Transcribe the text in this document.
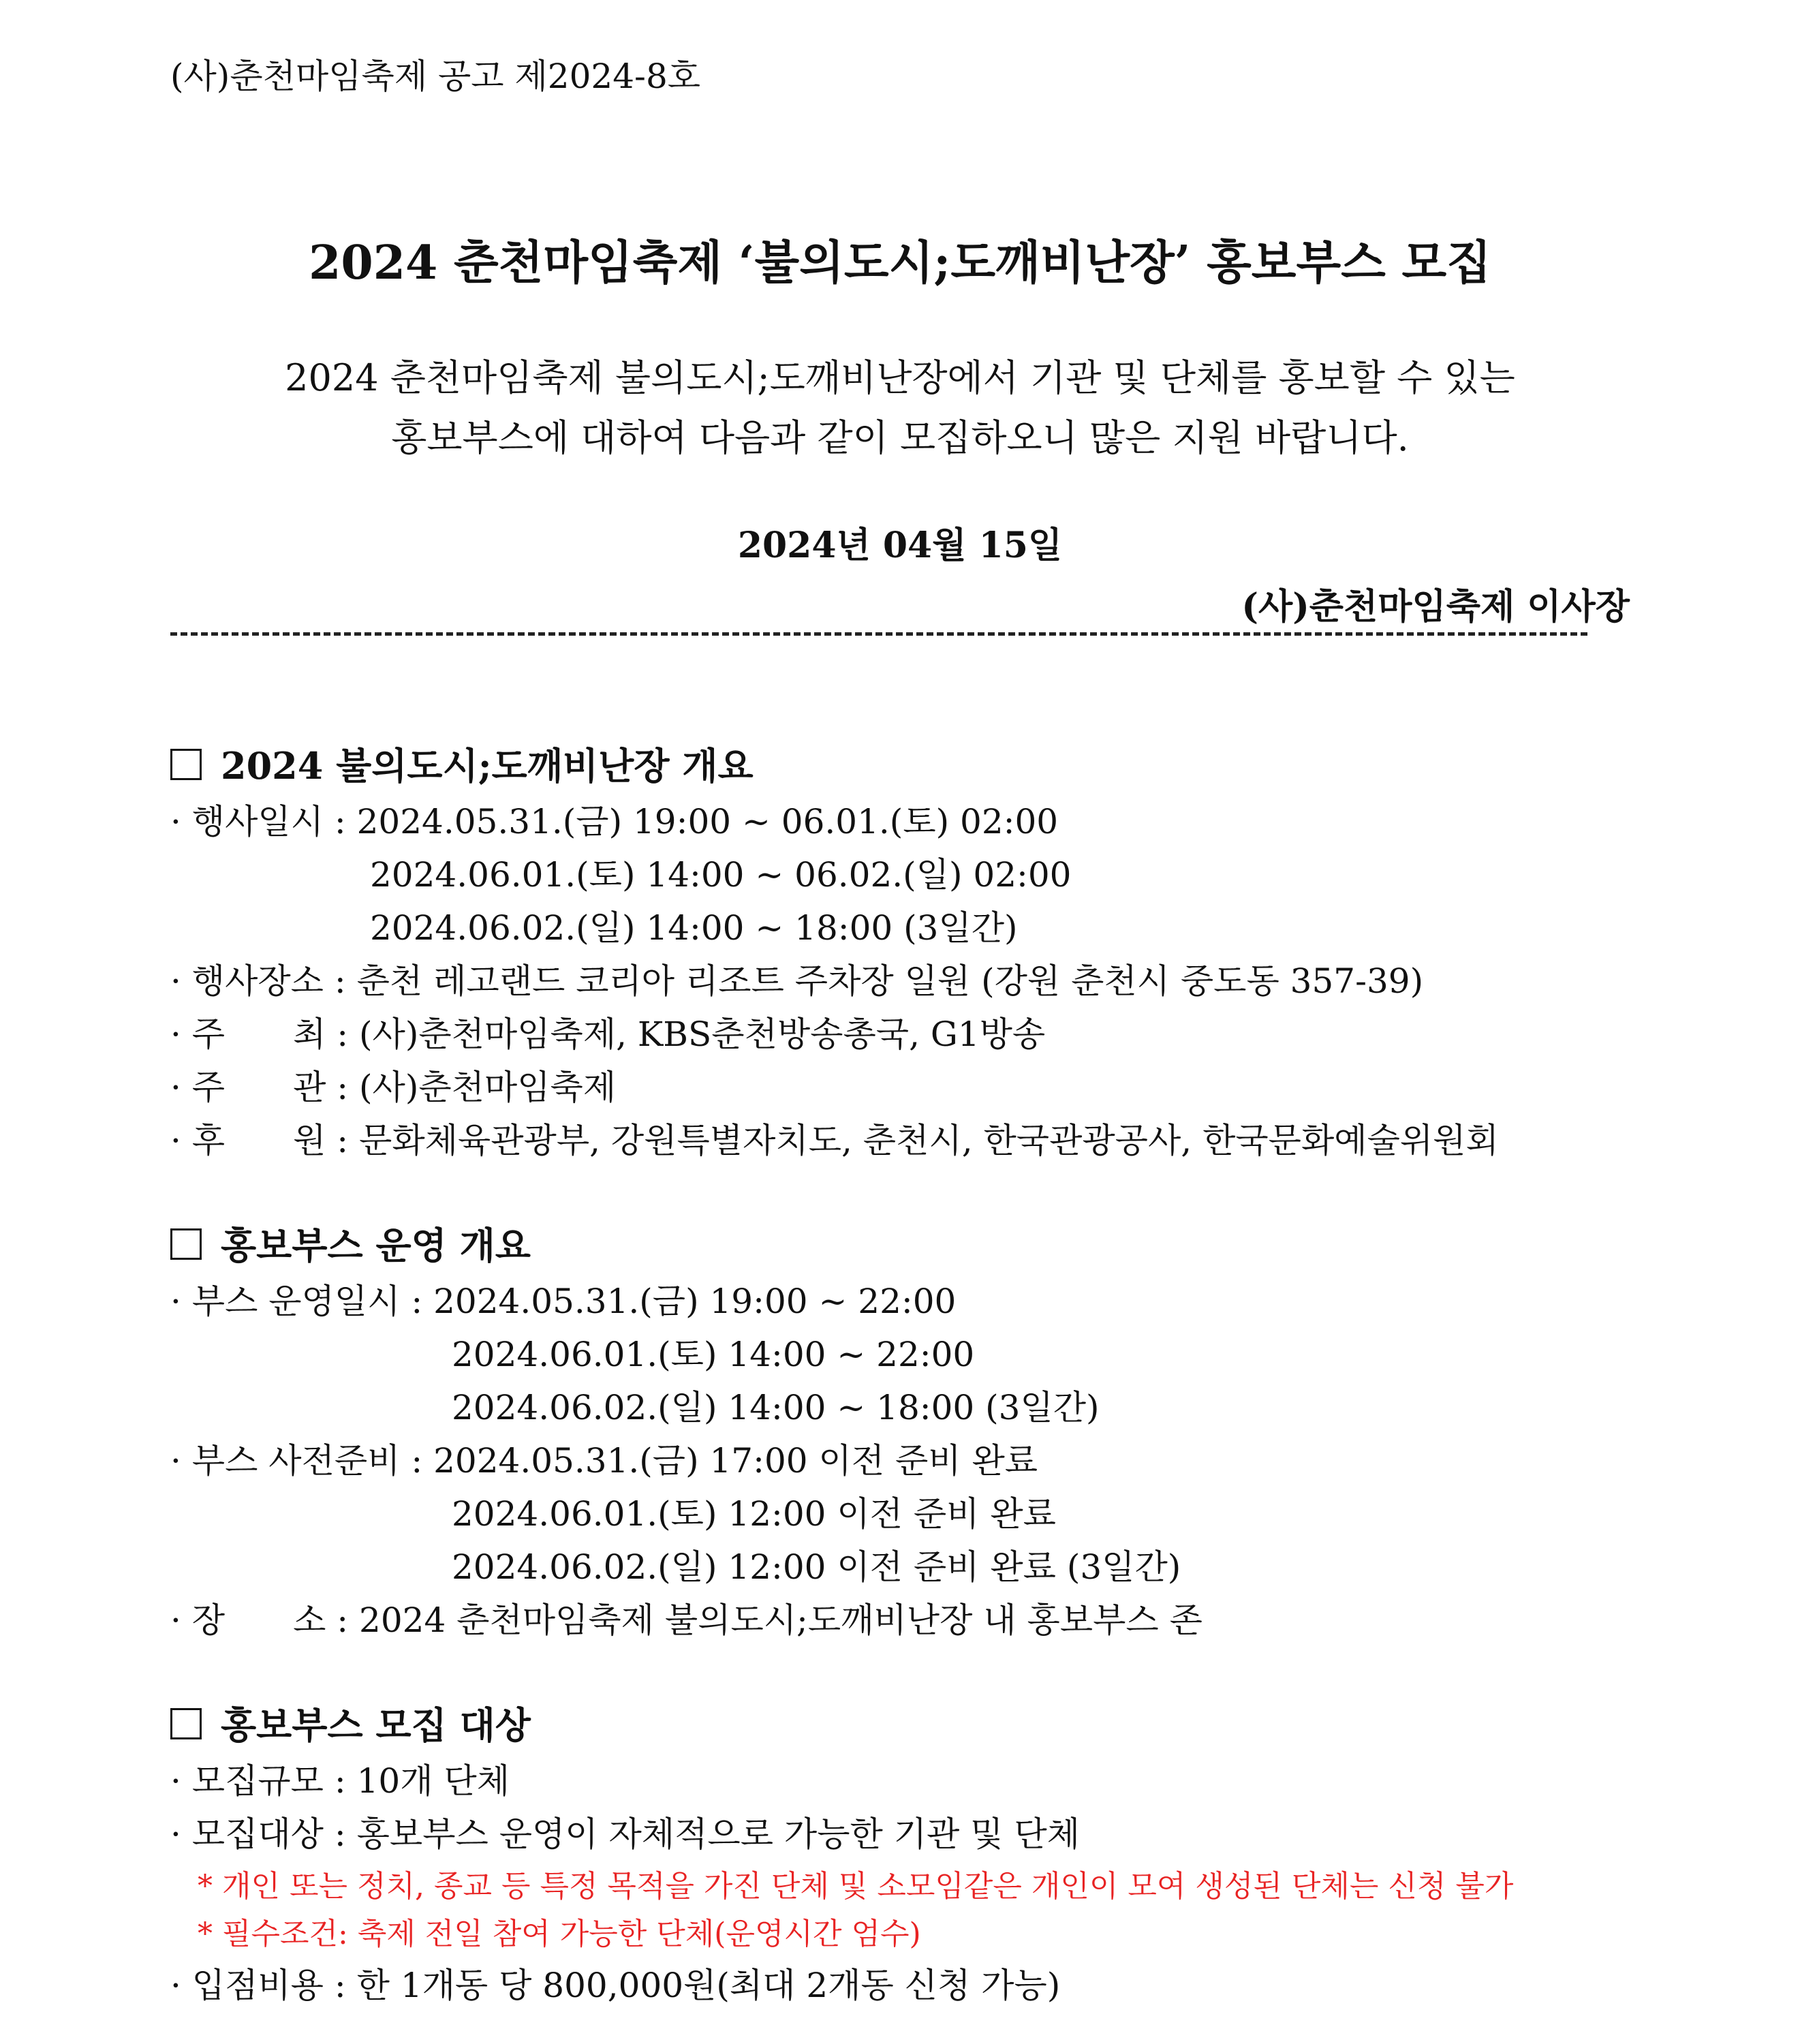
(사)춘천마임축제 공고 제2024-8호
2024 춘천마임축제 ‘불의도시;도깨비난장’ 홍보부스 모집
2024 춘천마임축제 불의도시;도깨비난장에서 기관 및 단체를 홍보할 수 있는
홍보부스에 대하여 다음과 같이 모집하오니 많은 지원 바랍니다.
2024년 04월 15일
(사)춘천마임축제 이사장
2024 불의도시;도깨비난장 개요
· 행사일시 : 2024.05.31.(금) 19:00 ~ 06.01.(토) 02:00
2024.06.01.(토) 14:00 ~ 06.02.(일) 02:00
2024.06.02.(일) 14:00 ~ 18:00 (3일간)
· 행사장소 : 춘천 레고랜드 코리아 리조트 주차장 일원 (강원 춘천시 중도동 357-39)
· 주　　최 : (사)춘천마임축제, KBS춘천방송총국, G1방송
· 주　　관 : (사)춘천마임축제
· 후　　원 : 문화체육관광부, 강원특별자치도, 춘천시, 한국관광공사, 한국문화예술위원회
홍보부스 운영 개요
· 부스 운영일시 : 2024.05.31.(금) 19:00 ~ 22:00
2024.06.01.(토) 14:00 ~ 22:00
2024.06.02.(일) 14:00 ~ 18:00 (3일간)
· 부스 사전준비 : 2024.05.31.(금) 17:00 이전 준비 완료
2024.06.01.(토) 12:00 이전 준비 완료
2024.06.02.(일) 12:00 이전 준비 완료 (3일간)
· 장　　소 : 2024 춘천마임축제 불의도시;도깨비난장 내 홍보부스 존
홍보부스 모집 대상
· 모집규모 : 10개 단체
· 모집대상 : 홍보부스 운영이 자체적으로 가능한 기관 및 단체
* 개인 또는 정치, 종교 등 특정 목적을 가진 단체 및 소모임같은 개인이 모여 생성된 단체는 신청 불가
* 필수조건: 축제 전일 참여 가능한 단체(운영시간 엄수)
· 입점비용 : 한 1개동 당 800,000원(최대 2개동 신청 가능)
